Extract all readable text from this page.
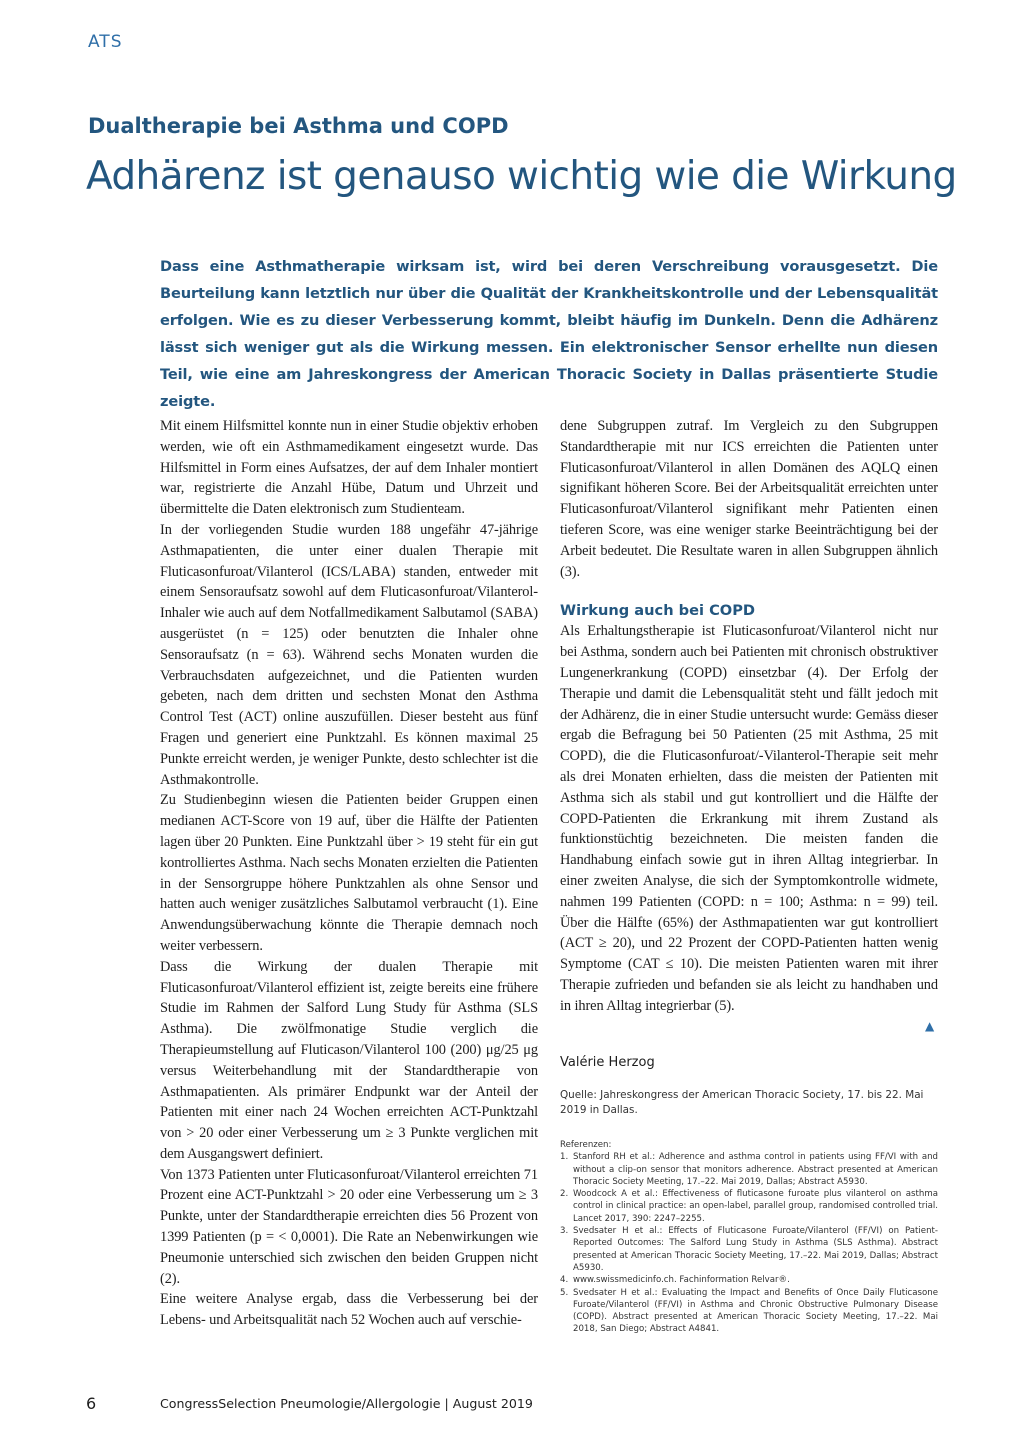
ATS
Dualtherapie bei Asthma und COPD
Adhärenz ist genauso wichtig wie die Wirkung

Dass eine Asthmatherapie wirksam ist, wird bei deren Verschreibung vorausgesetzt. Die Beurteilung kann letztlich nur über die Qualität der Krankheitskontrolle und der Lebensqualität erfolgen. Wie es zu dieser Verbesserung kommt, bleibt häufig im Dunkeln. Denn die Adhärenz lässt sich weniger gut als die Wirkung messen. Ein elektronischer Sensor erhellte nun diesen Teil, wie eine am Jahreskongress der American Thoracic Society in Dallas präsentierte Studie zeigte.

Mit einem Hilfsmittel konnte nun in einer Studie objektiv erhoben werden, wie oft ein Asthmamedikament eingesetzt wurde. Das Hilfsmittel in Form eines Aufsatzes, der auf dem Inhaler montiert war, registrierte die Anzahl Hübe, Datum und Uhrzeit und übermittelte die Daten elektronisch zum Studienteam.

In der vorliegenden Studie wurden 188 ungefähr 47-jährige Asthmapatienten, die unter einer dualen Therapie mit Fluticasonfuroat/Vilanterol (ICS/LABA) standen, entweder mit einem Sensoraufsatz sowohl auf dem Fluticasonfuroat/Vilanterol-Inhaler wie auch auf dem Notfallmedikament Salbutamol (SABA) ausgerüstet (n = 125) oder benutzten die Inhaler ohne Sensoraufsatz (n = 63). Während sechs Monaten wurden die Verbrauchsdaten aufgezeichnet, und die Patienten wurden gebeten, nach dem dritten und sechsten Monat den Asthma Control Test (ACT) online auszufüllen. Dieser besteht aus fünf Fragen und generiert eine Punktzahl. Es können maximal 25 Punkte erreicht werden, je weniger Punkte, desto schlechter ist die Asthmakontrolle.

Zu Studienbeginn wiesen die Patienten beider Gruppen einen medianen ACT-Score von 19 auf, über die Hälfte der Patienten lagen über 20 Punkten. Eine Punktzahl über > 19 steht für ein gut kontrolliertes Asthma. Nach sechs Monaten erzielten die Patienten in der Sensorgruppe höhere Punktzahlen als ohne Sensor und hatten auch weniger zusätzliches Salbutamol verbraucht (1). Eine Anwendungsüberwachung könnte die Therapie demnach noch weiter verbessern.

Dass die Wirkung der dualen Therapie mit Fluticasonfuroat/Vilanterol effizient ist, zeigte bereits eine frühere Studie im Rahmen der Salford Lung Study für Asthma (SLS Asthma). Die zwölfmonatige Studie verglich die Therapieumstellung auf Fluticason/Vilanterol 100 (200) μg/25 μg versus Weiterbehandlung mit der Standardtherapie von Asthmapatienten. Als primärer Endpunkt war der Anteil der Patienten mit einer nach 24 Wochen erreichten ACT-Punktzahl von > 20 oder einer Verbesserung um ≥ 3 Punkte verglichen mit dem Ausgangswert definiert.

Von 1373 Patienten unter Fluticasonfuroat/Vilanterol erreichten 71 Prozent eine ACT-Punktzahl > 20 oder eine Verbesserung um ≥ 3 Punkte, unter der Standardtherapie erreichten dies 56 Prozent von 1399 Patienten (p = < 0,0001). Die Rate an Nebenwirkungen wie Pneumonie unterschied sich zwischen den beiden Gruppen nicht (2).

Eine weitere Analyse ergab, dass die Verbesserung bei der Lebens- und Arbeitsqualität nach 52 Wochen auch auf verschie-

dene Subgruppen zutraf. Im Vergleich zu den Subgruppen Standardtherapie mit nur ICS erreichten die Patienten unter Fluticasonfuroat/Vilanterol in allen Domänen des AQLQ einen signifikant höheren Score. Bei der Arbeitsqualität erreichten unter Fluticasonfuroat/Vilanterol signifikant mehr Patienten einen tieferen Score, was eine weniger starke Beeinträchtigung bei der Arbeit bedeutet. Die Resultate waren in allen Subgruppen ähnlich (3).

Wirkung auch bei COPD

Als Erhaltungstherapie ist Fluticasonfuroat/Vilanterol nicht nur bei Asthma, sondern auch bei Patienten mit chronisch obstruktiver Lungenerkrankung (COPD) einsetzbar (4). Der Erfolg der Therapie und damit die Lebensqualität steht und fällt jedoch mit der Adhärenz, die in einer Studie untersucht wurde: Gemäss dieser ergab die Befragung bei 50 Patienten (25 mit Asthma, 25 mit COPD), die die Fluticasonfuroat/-Vilanterol-Therapie seit mehr als drei Monaten erhielten, dass die meisten der Patienten mit Asthma sich als stabil und gut kontrolliert und die Hälfte der COPD-Patienten die Erkrankung mit ihrem Zustand als funktionstüchtig bezeichneten. Die meisten fanden die Handhabung einfach sowie gut in ihren Alltag integrierbar. In einer zweiten Analyse, die sich der Symptomkontrolle widmete, nahmen 199 Patienten (COPD: n = 100; Asthma: n = 99) teil. Über die Hälfte (65%) der Asthmapatienten war gut kontrolliert (ACT ≥ 20), und 22 Prozent der COPD-Patienten hatten wenig Symptome (CAT ≤ 10). Die meisten Patienten waren mit ihrer Therapie zufrieden und befanden sie als leicht zu handhaben und in ihren Alltag integrierbar (5).

▲
Valérie Herzog

Quelle: Jahreskongress der American Thoracic Society, 17. bis 22. Mai 2019 in Dallas.

Referenzen:

1. Stanford RH et al.: Adherence and asthma control in patients using FF/VI with and without a clip-on sensor that monitors adherence. Abstract presented at American Thoracic Society Meeting, 17.–22. Mai 2019, Dallas; Abstract A5930.
2. Woodcock A et al.: Effectiveness of fluticasone furoate plus vilanterol on asthma control in clinical practice: an open-label, parallel group, randomised controlled trial. Lancet 2017, 390: 2247–2255.
3. Svedsater H et al.: Effects of Fluticasone Furoate/Vilanterol (FF/VI) on Patient-Reported Outcomes: The Salford Lung Study in Asthma (SLS Asthma). Abstract presented at American Thoracic Society Meeting, 17.–22. Mai 2019, Dallas; Abstract A5930.
4. www.swissmedicinfo.ch. Fachinformation Relvar®.
5. Svedsater H et al.: Evaluating the Impact and Benefits of Once Daily Fluticasone Furoate/Vilanterol (FF/VI) in Asthma and Chronic Obstructive Pulmonary Disease (COPD). Abstract presented at American Thoracic Society Meeting, 17.–22. Mai 2018, San Diego; Abstract A4841.
6	CongressSelection Pneumologie/Allergologie | August 2019
